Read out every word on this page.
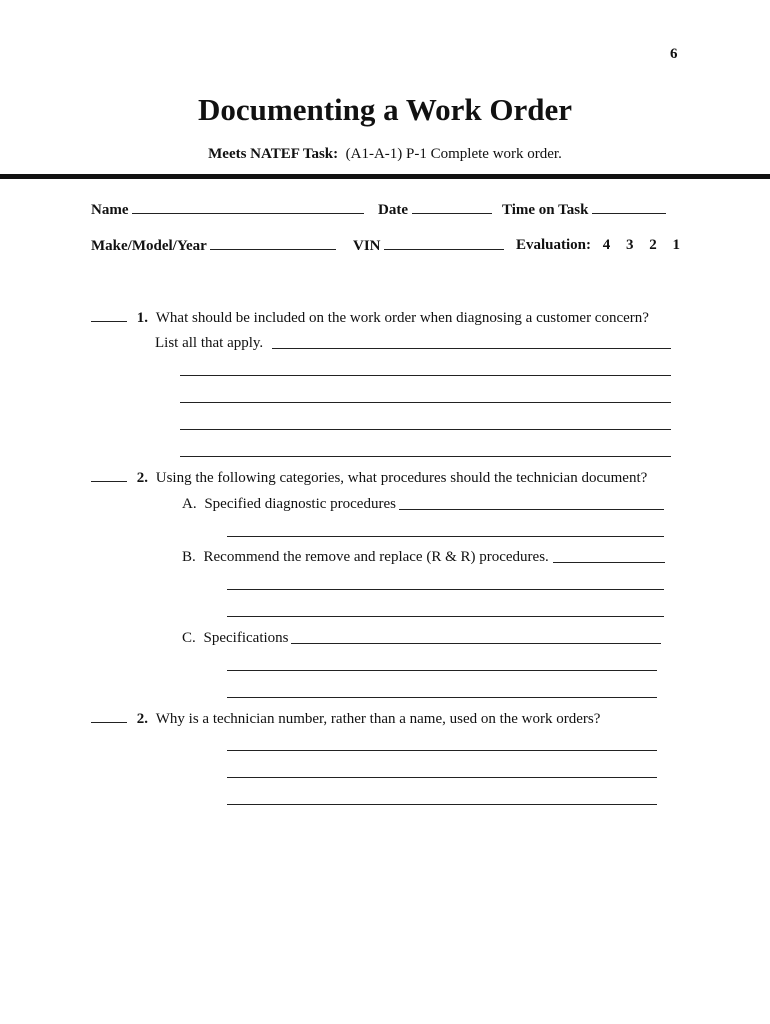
6
Documenting a Work Order
Meets NATEF Task: (A1-A-1) P-1 Complete work order.
Name	Date	Time on Task
Make/Model/Year	VIN	Evaluation: 4 3 2 1
1. What should be included on the work order when diagnosing a customer concern?
List all that apply.
2. Using the following categories, what procedures should the technician document?
A. Specified diagnostic procedures
B. Recommend the remove and replace (R & R) procedures.
C. Specifications
2. Why is a technician number, rather than a name, used on the work orders?
